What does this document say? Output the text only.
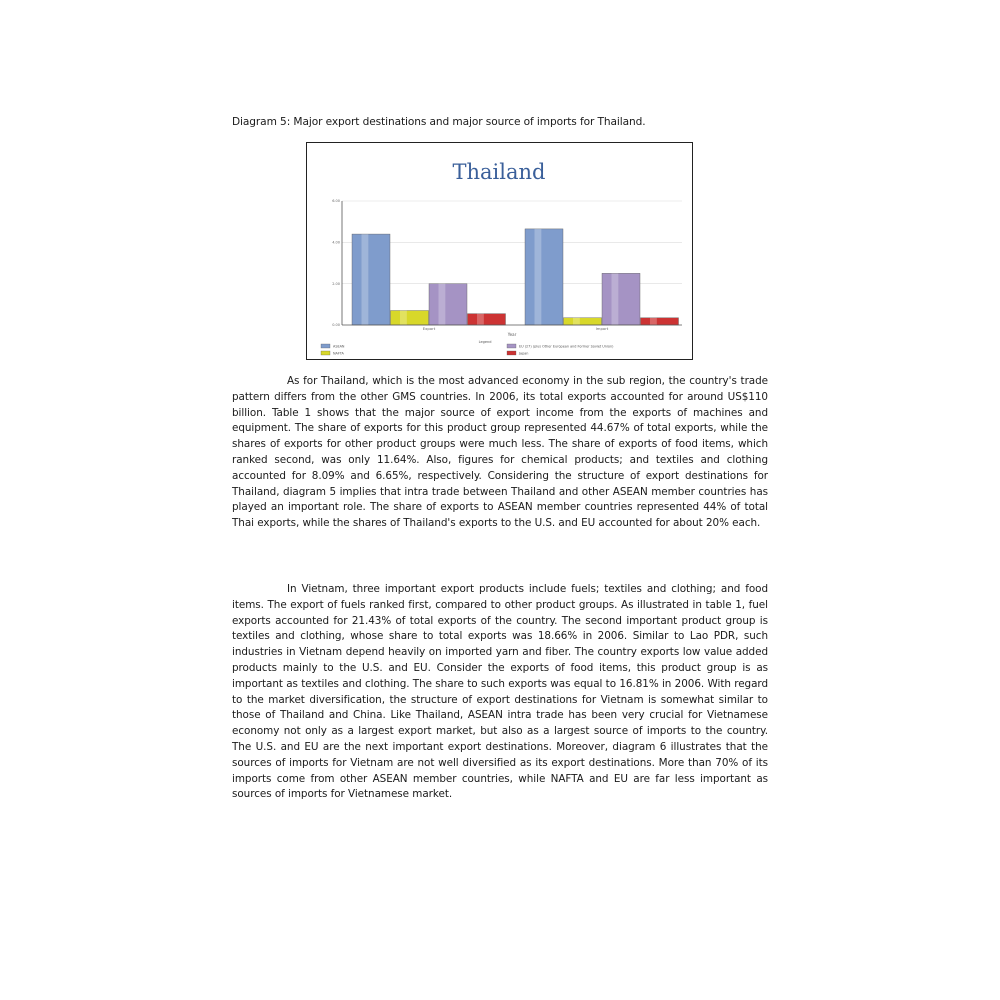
Diagram 5: Major export destinations and major source of imports for Thailand.
Thailand
0.00
2.00
4.00
6.00
Export	Import
Year
Legend
ASEAN
NAFTA
EU (27) (plus Other European and Former Soviet Union)
Japan

As for Thailand, which is the most advanced economy in the sub region, the country's trade pattern differs from the other GMS countries. In 2006, its total exports accounted for around US$110 billion. Table 1 shows that the major source of export income from the exports of machines and equipment. The share of exports for this product group represented 44.67% of total exports, while the shares of exports for other product groups were much less. The share of exports of food items, which ranked second, was only 11.64%. Also, figures for chemical products; and textiles and clothing accounted for 8.09% and 6.65%, respectively. Considering the structure of export destinations for Thailand, diagram 5 implies that intra trade between Thailand and other ASEAN member countries has played an important role. The share of exports to ASEAN member countries represented 44% of total Thai exports, while the shares of Thailand's exports to the U.S. and EU accounted for about 20% each.

In Vietnam, three important export products include fuels; textiles and clothing; and food items. The export of fuels ranked first, compared to other product groups. As illustrated in table 1, fuel exports accounted for 21.43% of total exports of the country. The second important product group is textiles and clothing, whose share to total exports was 18.66% in 2006. Similar to Lao PDR, such industries in Vietnam depend heavily on imported yarn and fiber. The country exports low value added products mainly to the U.S. and EU. Consider the exports of food items, this product group is as important as textiles and clothing. The share to such exports was equal to 16.81% in 2006. With regard to the market diversification, the structure of export destinations for Vietnam is somewhat similar to those of Thailand and China. Like Thailand, ASEAN intra trade has been very crucial for Vietnamese economy not only as a largest export market, but also as a largest source of imports to the country. The U.S. and EU are the next important export destinations. Moreover, diagram 6 illustrates that the sources of imports for Vietnam are not well diversified as its export destinations. More than 70% of its imports come from other ASEAN member countries, while NAFTA and EU are far less important as sources of imports for Vietnamese market.
